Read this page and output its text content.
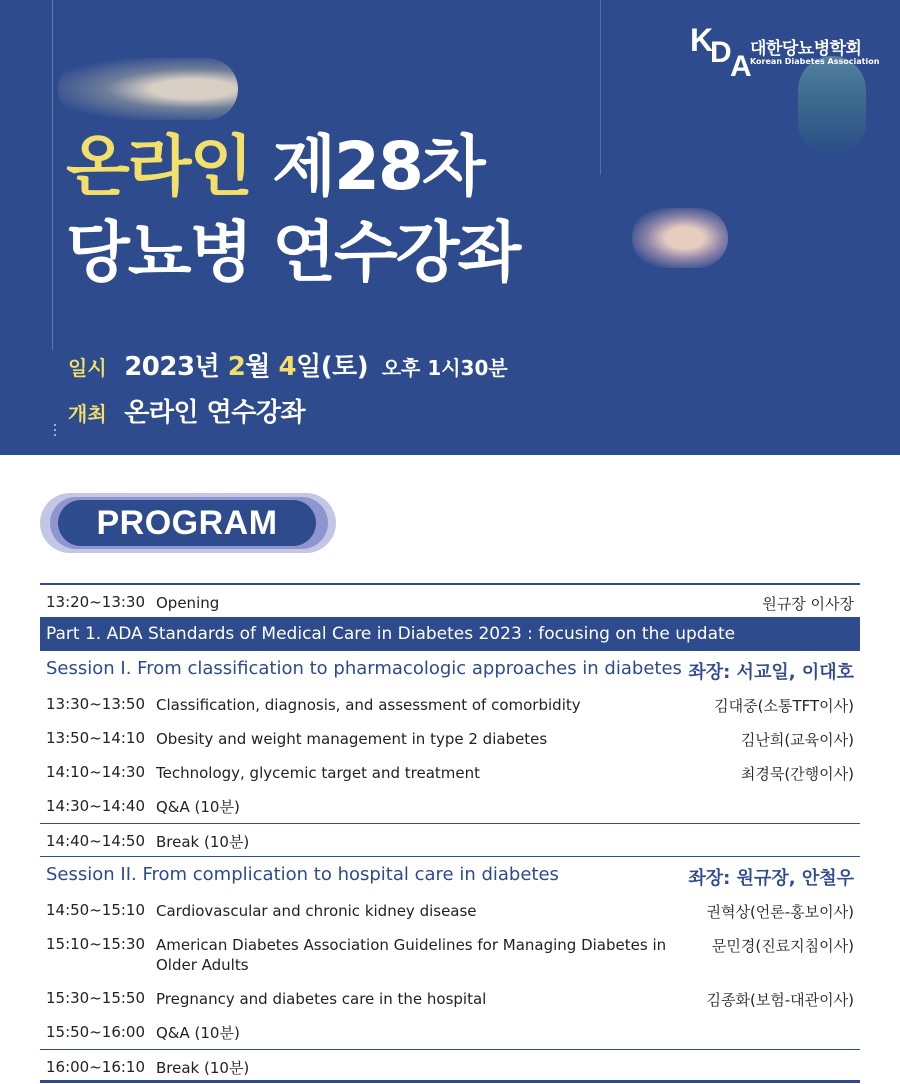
K
D
A
대한당뇨병학회
Korean Diabetes Association
온라인 제28차
당뇨병 연수강좌
일시 2023년 2월 4일(토) 오후 1시30분
개최 온라인 연수강좌
PROGRAM
13:20~13:30 Opening	원규장 이사장
Part 1. ADA Standards of Medical Care in Diabetes 2023 : focusing on the update
Session I. From classification to pharmacologic approaches in diabetes 좌장: 서교일, 이대호
13:30~13:50 Classification, diagnosis, and assessment of comorbidity	김대중(소통TFT이사)
13:50~14:10 Obesity and weight management in type 2 diabetes	김난희(교육이사)
14:10~14:30 Technology, glycemic target and treatment	최경묵(간행이사)
14:30~14:40 Q&A (10분)
14:40~14:50 Break (10분)
Session II. From complication to hospital care in diabetes	좌장: 원규장, 안철우
14:50~15:10 Cardiovascular and chronic kidney disease	권혁상(언론-홍보이사)
15:10~15:30 American Diabetes Association Guidelines for Managing Diabetes in Older Adults
문민경(진료지침이사)
15:30~15:50 Pregnancy and diabetes care in the hospital	김종화(보험-대관이사)
15:50~16:00 Q&A (10분)
16:00~16:10 Break (10분)
